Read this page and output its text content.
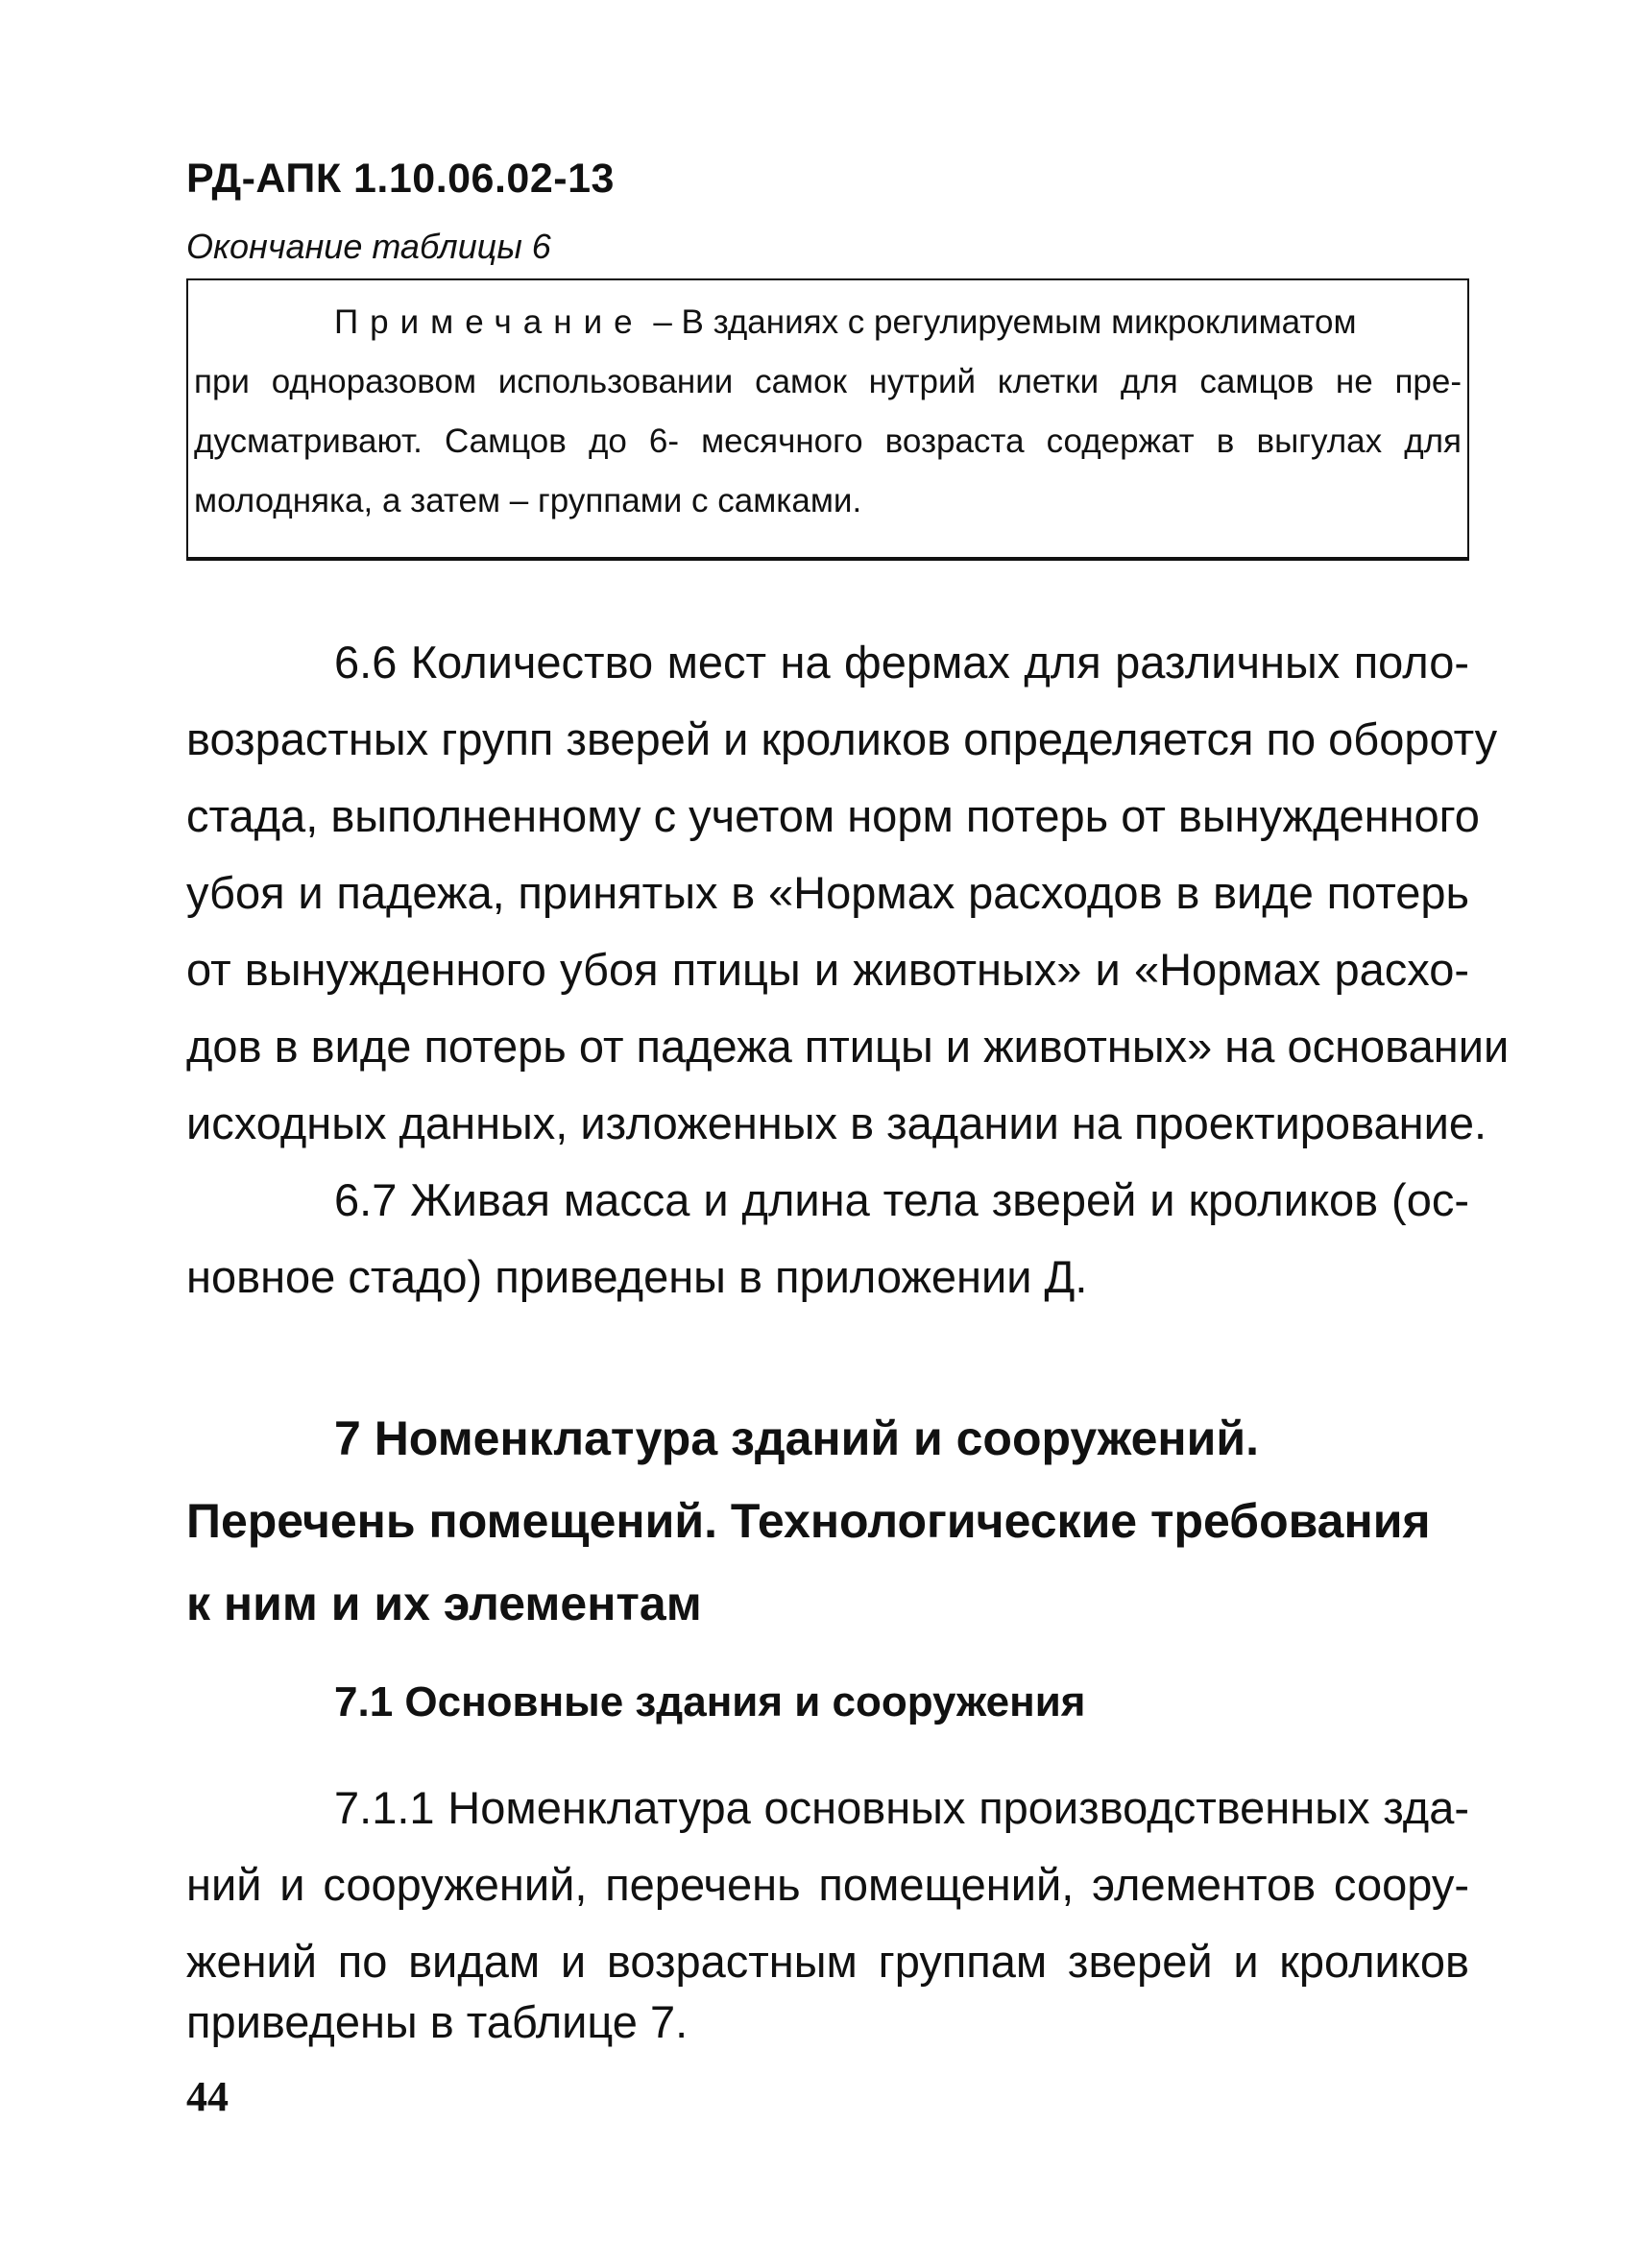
РД-АПК 1.10.06.02-13
Окончание таблицы 6
Примечание – В зданиях с регулируемым микроклиматом
при одноразовом использовании самок нутрий клетки для самцов не пре-
дусматривают. Самцов до 6- месячного возраста содержат в выгулах для
молодняка, а затем – группами с самками.
6.6 Количество мест на фермах для различных поло-
возрастных групп зверей и кроликов определяется по обороту
стада, выполненному с учетом норм потерь от вынужденного
убоя и падежа, принятых в «Нормах расходов в виде потерь
от вынужденного убоя птицы и животных» и «Нормах расхо-
дов в виде потерь от падежа птицы и животных» на основании
исходных данных, изложенных в задании на проектирование.
6.7 Живая масса и длина тела зверей и кроликов (ос-
новное стадо) приведены в приложении Д.
7 Номенклатура зданий и сооружений.
Перечень помещений. Технологические требования
к ним и их элементам
7.1 Основные здания и сооружения
7.1.1 Номенклатура основных производственных зда-
ний и сооружений, перечень помещений, элементов соору-
жений по видам и возрастным группам зверей и кроликов
приведены в таблице 7.
44
